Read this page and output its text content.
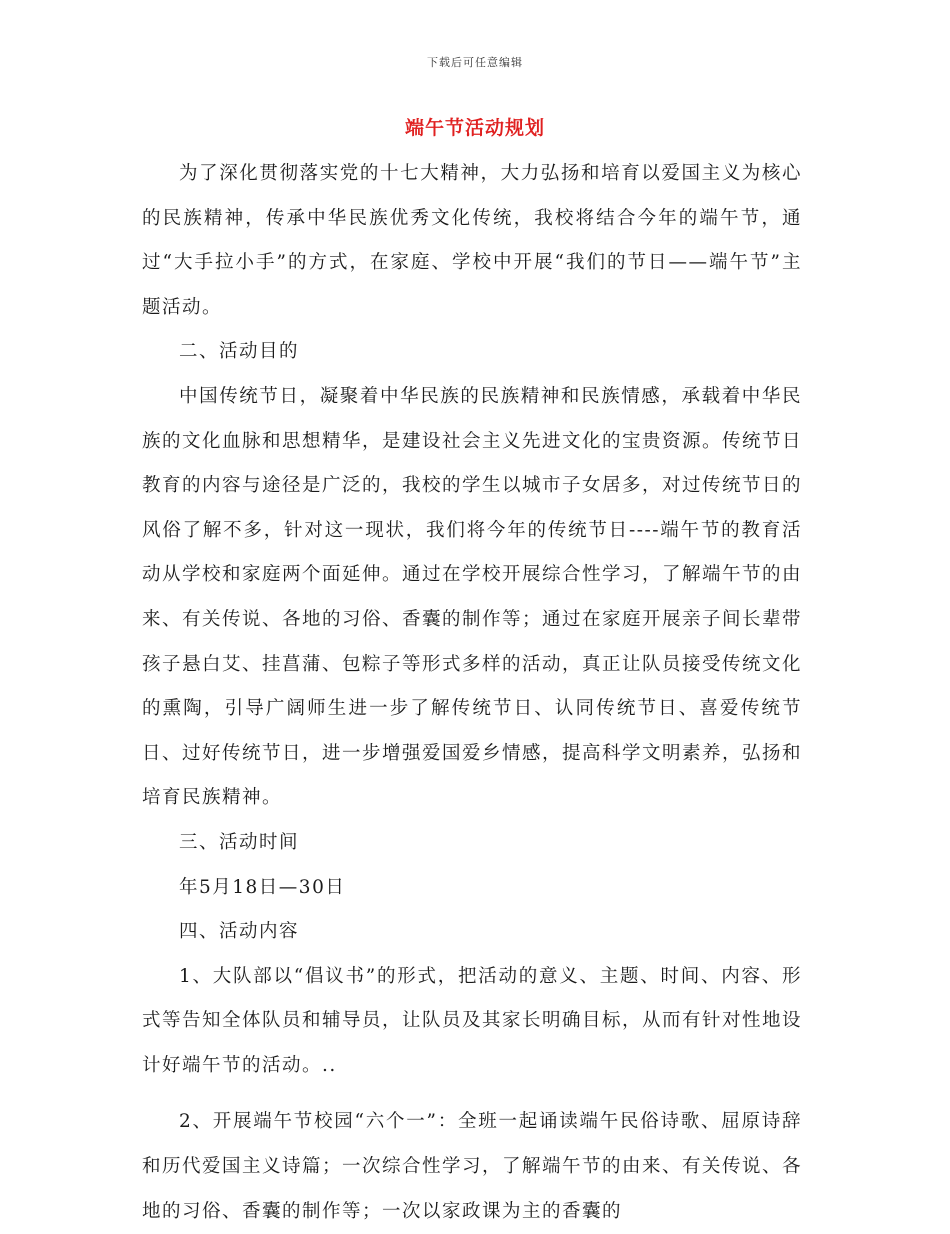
下载后可任意编辑
端午节活动规划

为了深化贯彻落实党的十七大精神，大力弘扬和培育以爱国主义为核心的民族精神，传承中华民族优秀文化传统，我校将结合今年的端午节，通过“大手拉小手”的方式，在家庭、学校中开展“我们的节日——端午节”主题活动。

二、活动目的

中国传统节日，凝聚着中华民族的民族精神和民族情感，承载着中华民族的文化血脉和思想精华，是建设社会主义先进文化的宝贵资源。传统节日教育的内容与途径是广泛的，我校的学生以城市子女居多，对过传统节日的风俗了解不多，针对这一现状，我们将今年的传统节日----端午节的教育活动从学校和家庭两个面延伸。通过在学校开展综合性学习，了解端午节的由来、有关传说、各地的习俗、香囊的制作等；通过在家庭开展亲子间长辈带孩子悬白艾、挂菖蒲、包粽子等形式多样的活动，真正让队员接受传统文化的熏陶，引导广阔师生进一步了解传统节日、认同传统节日、喜爱传统节日、过好传统节日，进一步增强爱国爱乡情感，提高科学文明素养，弘扬和培育民族精神。

三、活动时间

年5月18日—30日

四、活动内容

1、大队部以“倡议书”的形式，把活动的意义、主题、时间、内容、形式等告知全体队员和辅导员，让队员及其家长明确目标，从而有针对性地设计好端午节的活动。..

2、开展端午节校园“六个一”：全班一起诵读端午民俗诗歌、屈原诗辞和历代爱国主义诗篇；一次综合性学习，了解端午节的由来、有关传说、各地的习俗、香囊的制作等；一次以家政课为主的香囊的
